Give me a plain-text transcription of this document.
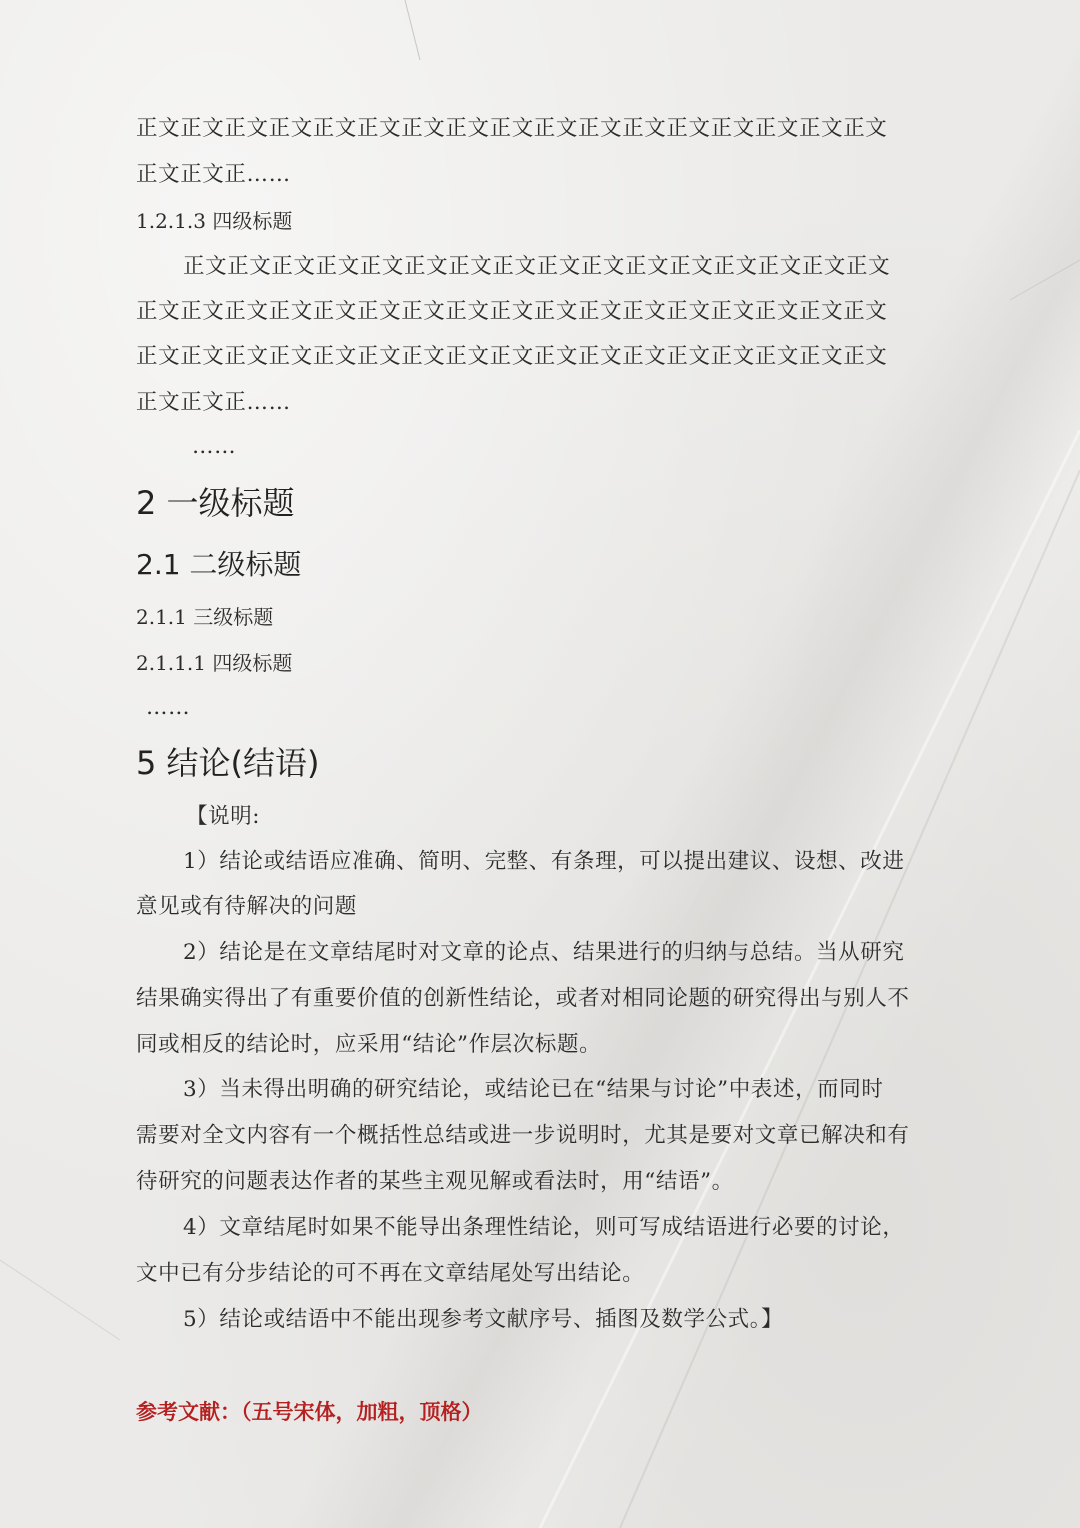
正文正文正文正文正文正文正文正文正文正文正文正文正文正文正文正文正文
正文正文正……
1.2.1.3 四级标题
正文正文正文正文正文正文正文正文正文正文正文正文正文正文正文正文
正文正文正文正文正文正文正文正文正文正文正文正文正文正文正文正文正文
正文正文正文正文正文正文正文正文正文正文正文正文正文正文正文正文正文
正文正文正……
……
2 一级标题
2.1 二级标题
2.1.1 三级标题
2.1.1.1 四级标题
……
5 结论(结语)
【说明:
1）结论或结语应准确、简明、完整、有条理，可以提出建议、设想、改进
意见或有待解决的问题
2）结论是在文章结尾时对文章的论点、结果进行的归纳与总结。当从研究
结果确实得出了有重要价值的创新性结论，或者对相同论题的研究得出与别人不
同或相反的结论时，应采用“结论”作层次标题。
3）当未得出明确的研究结论，或结论已在“结果与讨论”中表述，而同时
需要对全文内容有一个概括性总结或进一步说明时，尤其是要对文章已解决和有
待研究的问题表达作者的某些主观见解或看法时，用“结语”。
4）文章结尾时如果不能导出条理性结论，则可写成结语进行必要的讨论，
文中已有分步结论的可不再在文章结尾处写出结论。
5）结论或结语中不能出现参考文献序号、插图及数学公式。】
参考文献：（五号宋体，加粗，顶格）
